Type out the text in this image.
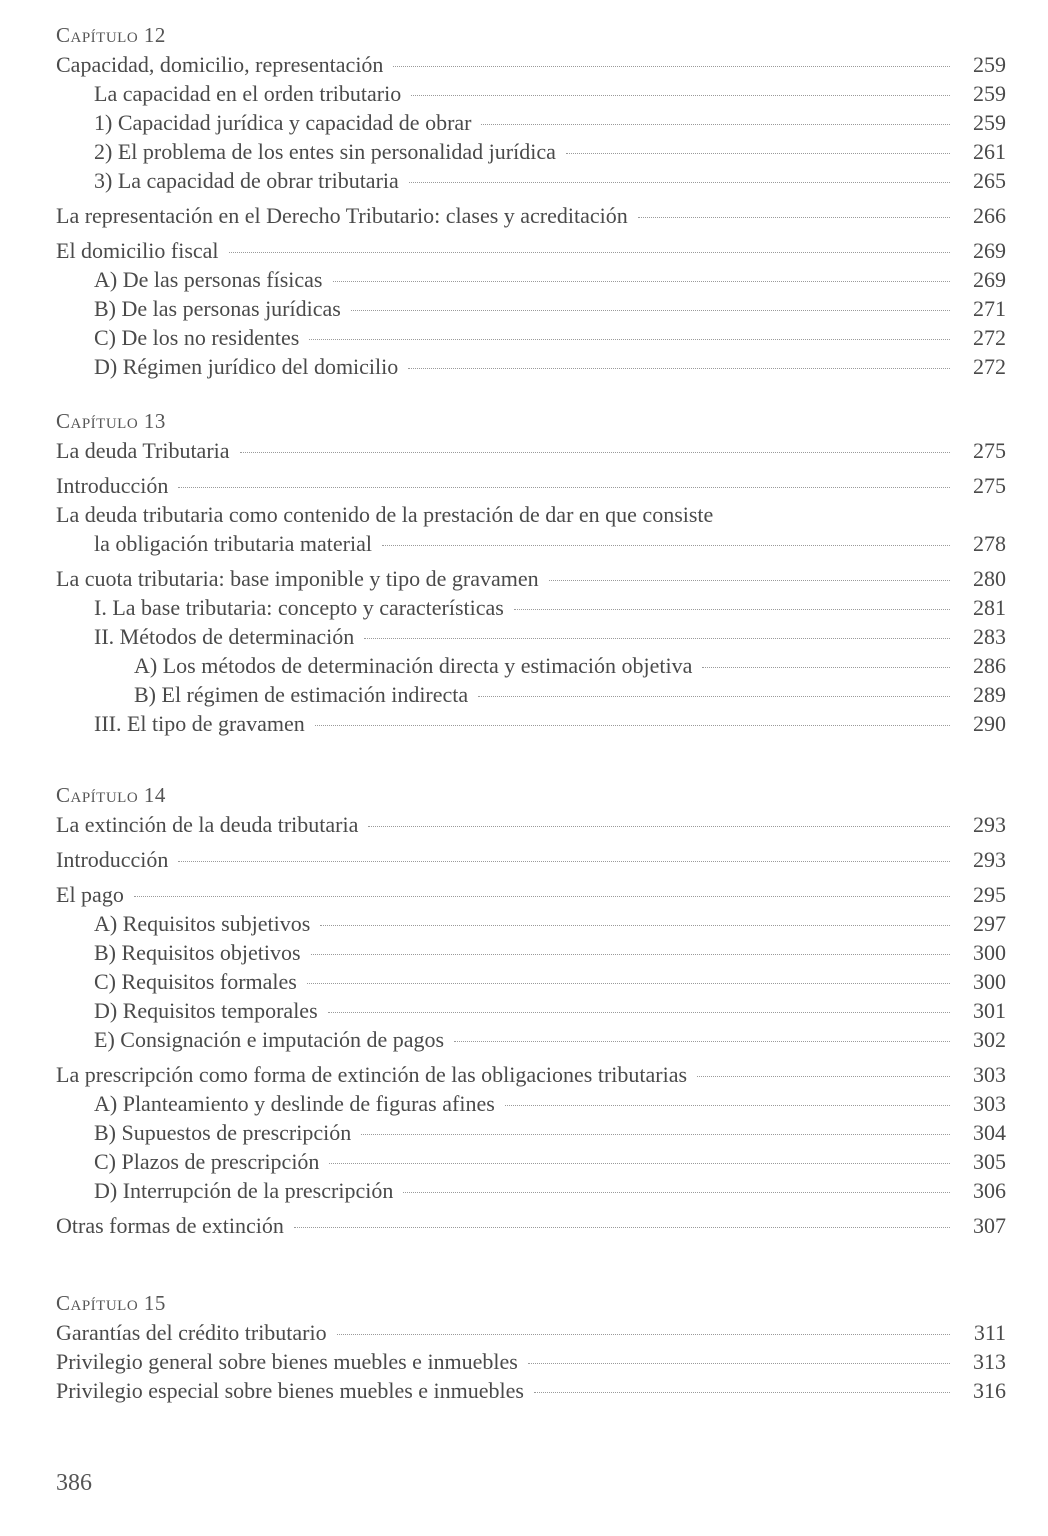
Capítulo 12
Capacidad, domicilio, representación	259
La capacidad en el orden tributario	259
1) Capacidad jurídica y capacidad de obrar	259
2) El problema de los entes sin personalidad jurídica	261
3) La capacidad de obrar tributaria	265
La representación en el Derecho Tributario: clases y acreditación	266
El domicilio fiscal	269
A) De las personas físicas	269
B) De las personas jurídicas	271
C) De los no residentes	272
D) Régimen jurídico del domicilio	272
Capítulo 13
La deuda Tributaria	275
Introducción	275
La deuda tributaria como contenido de la prestación de dar en que consiste
la obligación tributaria material	278
La cuota tributaria: base imponible y tipo de gravamen	280
I. La base tributaria: concepto y características	281
II. Métodos de determinación	283
A) Los métodos de determinación directa y estimación objetiva	286
B) El régimen de estimación indirecta	289
III. El tipo de gravamen	290
Capítulo 14
La extinción de la deuda tributaria	293
Introducción	293
El pago	295
A) Requisitos subjetivos	297
B) Requisitos objetivos	300
C) Requisitos formales	300
D) Requisitos temporales	301
E) Consignación e imputación de pagos	302
La prescripción como forma de extinción de las obligaciones tributarias	303
A) Planteamiento y deslinde de figuras afines	303
B) Supuestos de prescripción	304
C) Plazos de prescripción	305
D) Interrupción de la prescripción	306
Otras formas de extinción	307
Capítulo 15
Garantías del crédito tributario	311
Privilegio general sobre bienes muebles e inmuebles	313
Privilegio especial sobre bienes muebles e inmuebles	316
386
